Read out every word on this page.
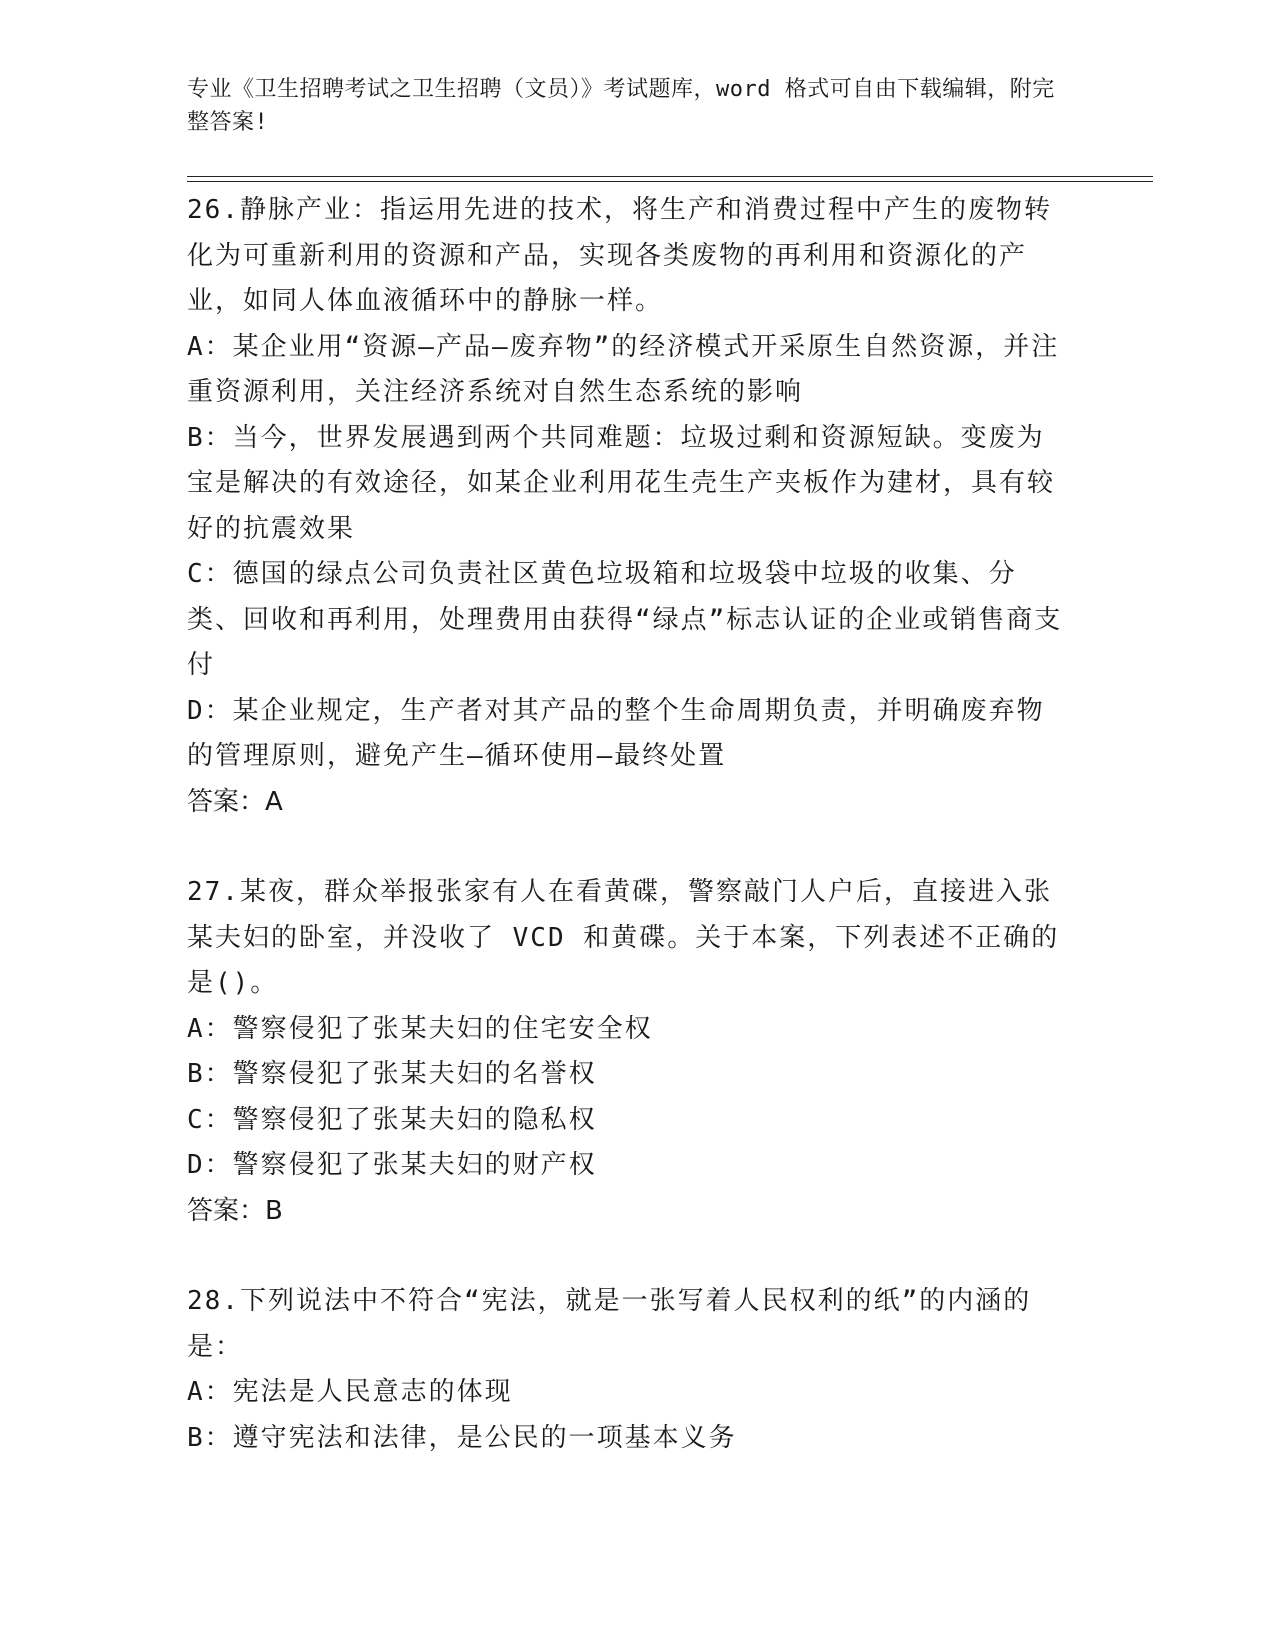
专业《卫生招聘考试之卫生招聘（文员）》考试题库，word 格式可自由下载编辑，附完整答案!

26.静脉产业：指运用先进的技术，将生产和消费过程中产生的废物转化为可重新利用的资源和产品，实现各类废物的再利用和资源化的产业，如同人体血液循环中的静脉一样。

A：某企业用“资源—产品—废弃物”的经济模式开采原生自然资源，并注重资源利用，关注经济系统对自然生态系统的影响

B：当今，世界发展遇到两个共同难题：垃圾过剩和资源短缺。变废为宝是解决的有效途径，如某企业利用花生壳生产夹板作为建材，具有较好的抗震效果

C：德国的绿点公司负责社区黄色垃圾箱和垃圾袋中垃圾的收集、分类、回收和再利用，处理费用由获得“绿点”标志认证的企业或销售商支付

D：某企业规定，生产者对其产品的整个生命周期负责，并明确废弃物的管理原则，避免产生—循环使用—最终处置

答案：A

27.某夜，群众举报张家有人在看黄碟，警察敲门人户后，直接进入张某夫妇的卧室，并没收了 VCD 和黄碟。关于本案，下列表述不正确的是()。

A：警察侵犯了张某夫妇的住宅安全权

B：警察侵犯了张某夫妇的名誉权

C：警察侵犯了张某夫妇的隐私权

D：警察侵犯了张某夫妇的财产权

答案：B

28.下列说法中不符合“宪法，就是一张写着人民权利的纸”的内涵的是：

A：宪法是人民意志的体现

B：遵守宪法和法律，是公民的一项基本义务
